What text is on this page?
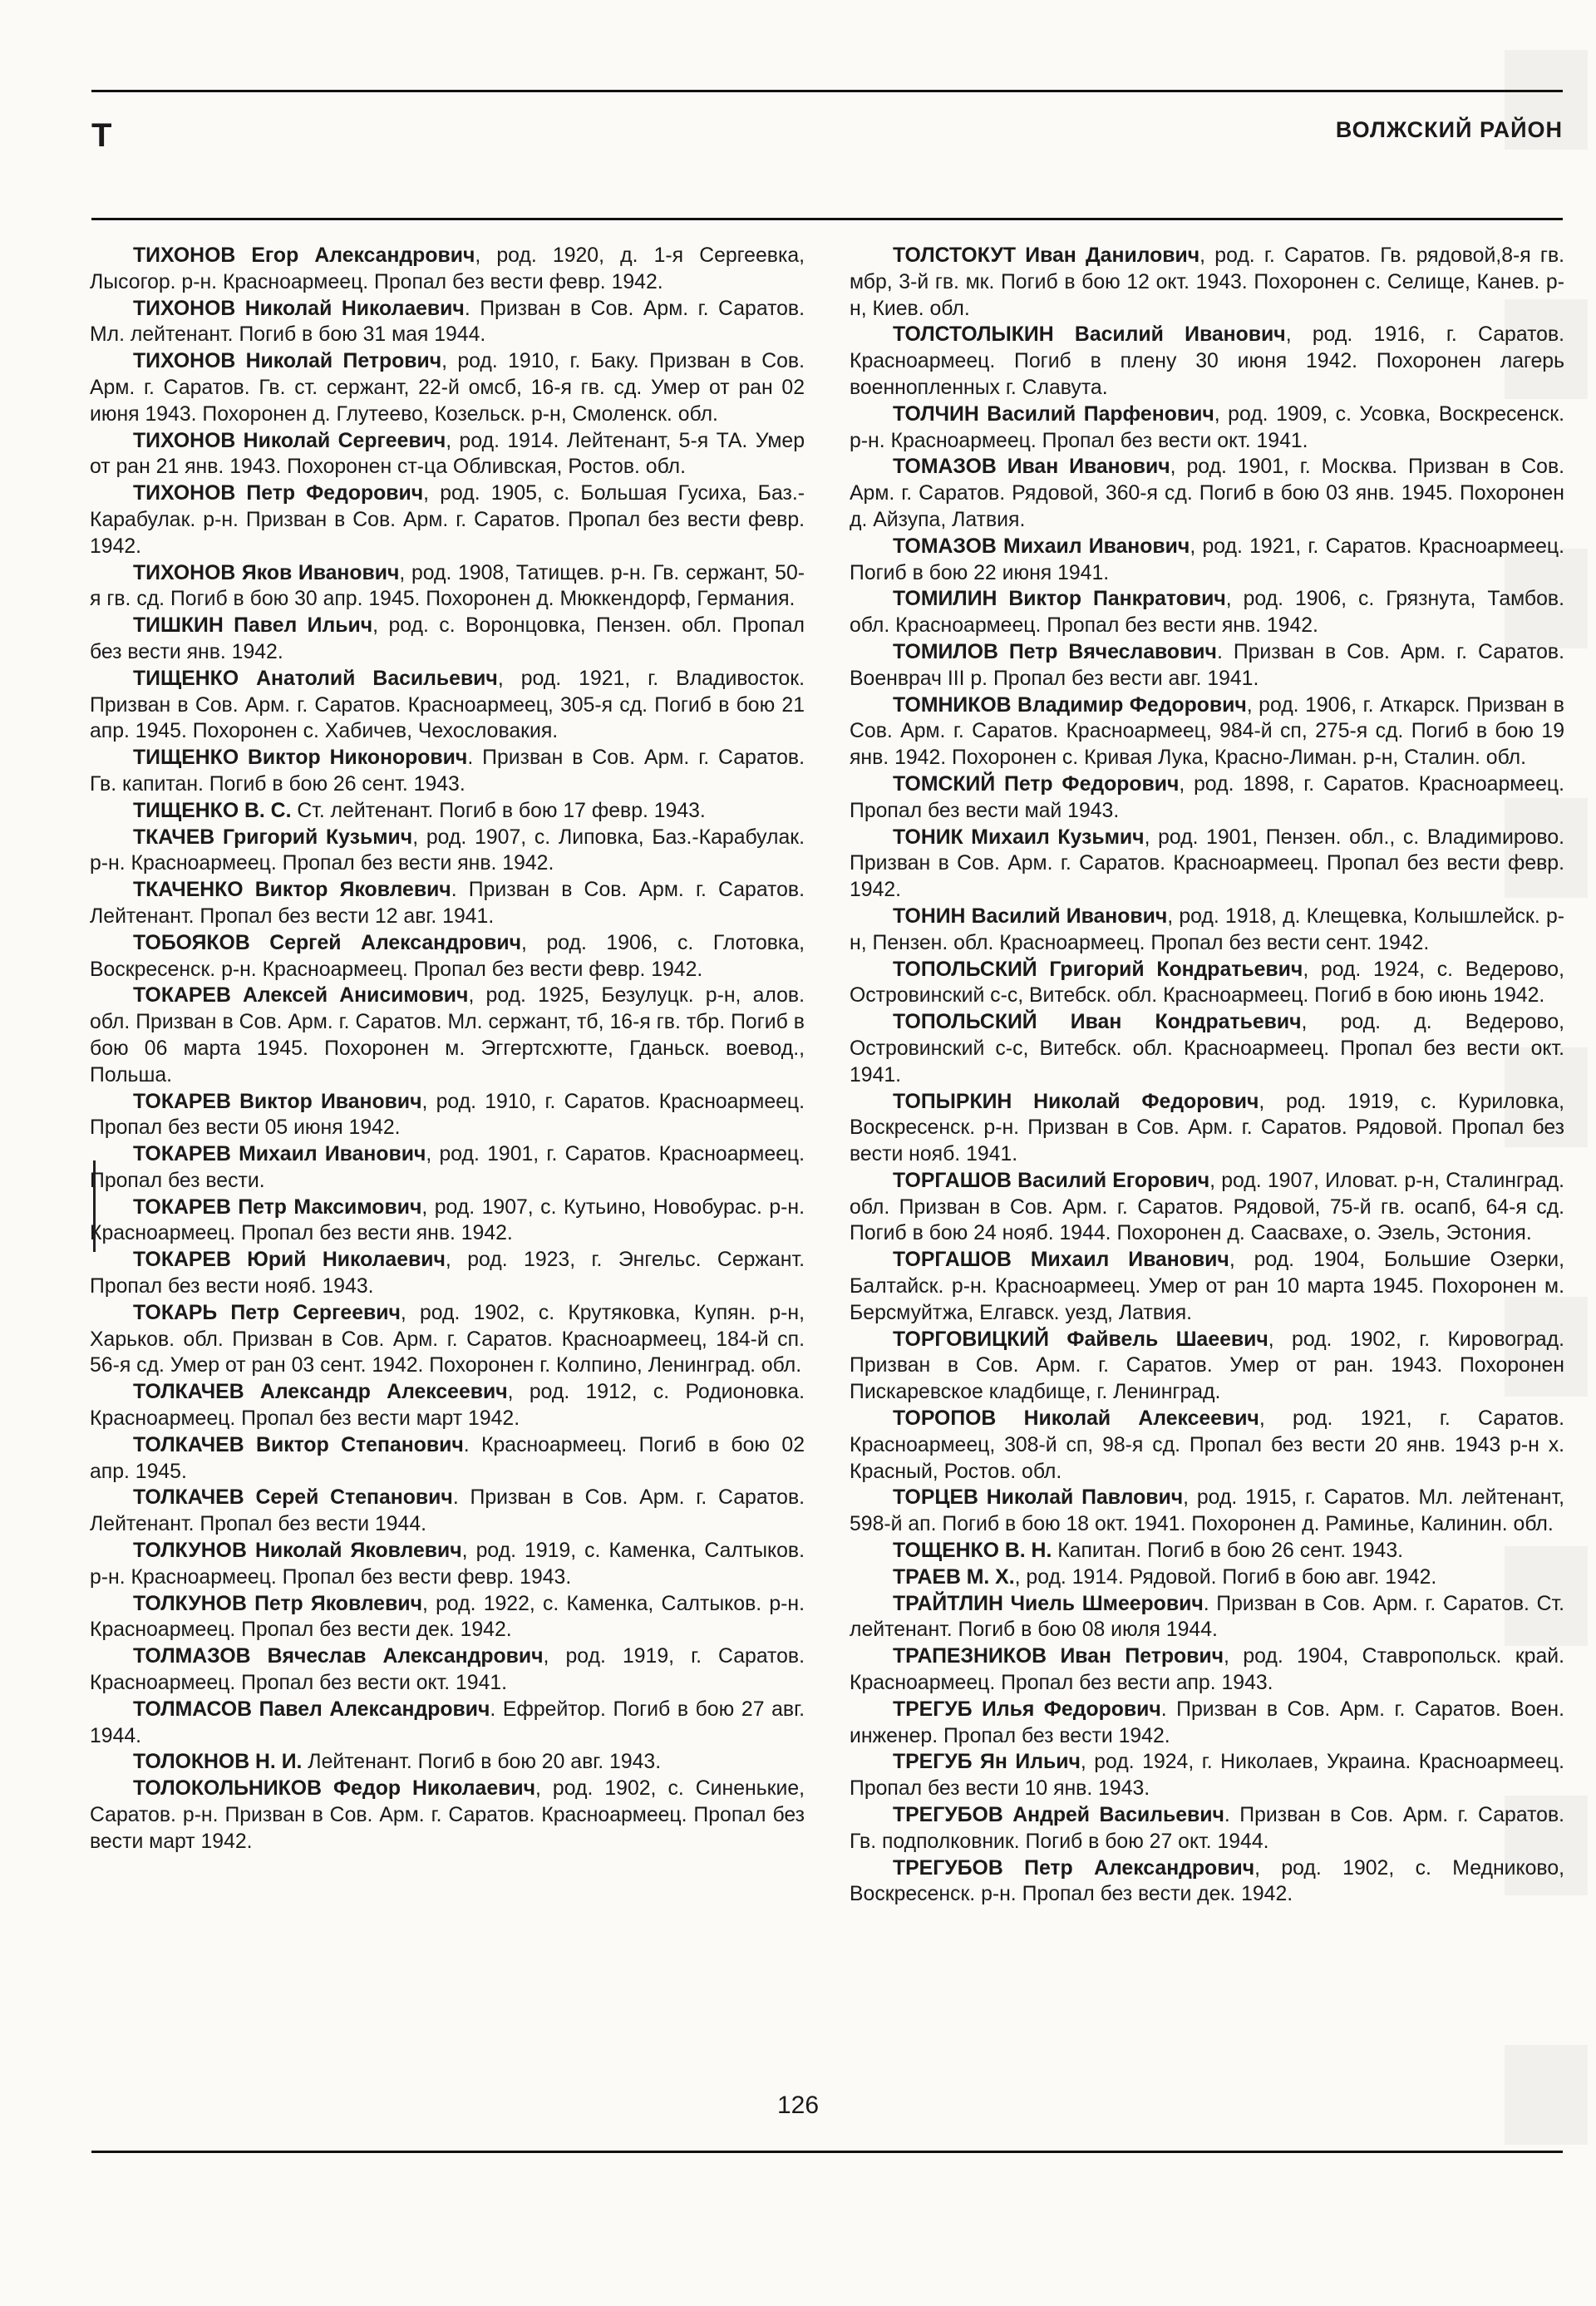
Т	ВОЛЖСКИЙ РАЙОН

ТИХОНОВ Егор Александрович, род. 1920, д. 1-я Сергеевка, Лысогор. р-н. Красноармеец. Пропал без вести февр. 1942.

ТИХОНОВ Николай Николаевич. Призван в Сов. Арм. г. Саратов. Мл. лейтенант. Погиб в бою 31 мая 1944.

ТИХОНОВ Николай Петрович, род. 1910, г. Баку. Призван в Сов. Арм. г. Саратов. Гв. ст. сержант, 22-й омсб, 16-я гв. сд. Умер от ран 02 июня 1943. Похоронен д. Глутеево, Козельск. р-н, Смоленск. обл.

ТИХОНОВ Николай Сергеевич, род. 1914. Лейтенант, 5-я ТА. Умер от ран 21 янв. 1943. Похоронен ст-ца Обливская, Ростов. обл.

ТИХОНОВ Петр Федорович, род. 1905, с. Большая Гусиха, Баз.-Карабулак. р-н. Призван в Сов. Арм. г. Саратов. Пропал без вести февр. 1942.

ТИХОНОВ Яков Иванович, род. 1908, Татищев. р-н. Гв. сержант, 50-я гв. сд. Погиб в бою 30 апр. 1945. Похоронен д. Мюккендорф, Германия.

ТИШКИН Павел Ильич, род. с. Воронцовка, Пензен. обл. Пропал без вести янв. 1942.

ТИЩЕНКО Анатолий Васильевич, род. 1921, г. Владивосток. Призван в Сов. Арм. г. Саратов. Красноармеец, 305-я сд. Погиб в бою 21 апр. 1945. Похоронен с. Хабичев, Чехословакия.

ТИЩЕНКО Виктор Никонорович. Призван в Сов. Арм. г. Саратов. Гв. капитан. Погиб в бою 26 сент. 1943.

ТИЩЕНКО В. С. Ст. лейтенант. Погиб в бою 17 февр. 1943.

ТКАЧЕВ Григорий Кузьмич, род. 1907, с. Липовка, Баз.-Карабулак. р-н. Красноармеец. Пропал без вести янв. 1942.

ТКАЧЕНКО Виктор Яковлевич. Призван в Сов. Арм. г. Саратов. Лейтенант. Пропал без вести 12 авг. 1941.

ТОБОЯКОВ Сергей Александрович, род. 1906, с. Глотовка, Воскресенск. р-н. Красноармеец. Пропал без вести февр. 1942.

ТОКАРЕВ Алексей Анисимович, род. 1925, Безулуцк. р-н, алов. обл. Призван в Сов. Арм. г. Саратов. Мл. сержант, тб, 16-я гв. тбр. Погиб в бою 06 марта 1945. Похоронен м. Эггертсхютте, Гданьск. воевод., Польша.

ТОКАРЕВ Виктор Иванович, род. 1910, г. Саратов. Красноармеец. Пропал без вести 05 июня 1942.

ТОКАРЕВ Михаил Иванович, род. 1901, г. Саратов. Красноармеец. Пропал без вести.

ТОКАРЕВ Петр Максимович, род. 1907, с. Кутьино, Новобурас. р-н. Красноармеец. Пропал без вести янв. 1942.

ТОКАРЕВ Юрий Николаевич, род. 1923, г. Энгельс. Сержант. Пропал без вести нояб. 1943.

ТОКАРЬ Петр Сергеевич, род. 1902, с. Крутяковка, Купян. р-н, Харьков. обл. Призван в Сов. Арм. г. Саратов. Красноармеец, 184-й сп. 56-я сд. Умер от ран 03 сент. 1942. Похоронен г. Колпино, Ленинград. обл.

ТОЛКАЧЕВ Александр Алексеевич, род. 1912, с. Родионовка. Красноармеец. Пропал без вести март 1942.

ТОЛКАЧЕВ Виктор Степанович. Красноармеец. Погиб в бою 02 апр. 1945.

ТОЛКАЧЕВ Серей Степанович. Призван в Сов. Арм. г. Саратов. Лейтенант. Пропал без вести 1944.

ТОЛКУНОВ Николай Яковлевич, род. 1919, с. Каменка, Салтыков. р-н. Красноармеец. Пропал без вести февр. 1943.

ТОЛКУНОВ Петр Яковлевич, род. 1922, с. Каменка, Салтыков. р-н. Красноармеец. Пропал без вести дек. 1942.

ТОЛМАЗОВ Вячеслав Александрович, род. 1919, г. Саратов. Красноармеец. Пропал без вести окт. 1941.

ТОЛМАСОВ Павел Александрович. Ефрейтор. Погиб в бою 27 авг. 1944.

ТОЛОКНОВ Н. И. Лейтенант. Погиб в бою 20 авг. 1943.

ТОЛОКОЛЬНИКОВ Федор Николаевич, род. 1902, с. Синенькие, Саратов. р-н. Призван в Сов. Арм. г. Саратов. Красноармеец. Пропал без вести март 1942.

ТОЛСТОКУТ Иван Данилович, род. г. Саратов. Гв. рядовой,8-я гв. мбр, 3-й гв. мк. Погиб в бою 12 окт. 1943. Похоронен с. Селище, Канев. р-н, Киев. обл.

ТОЛСТОЛЫКИН Василий Иванович, род. 1916, г. Саратов. Красноармеец. Погиб в плену 30 июня 1942. Похоронен лагерь военнопленных г. Славута.

ТОЛЧИН Василий Парфенович, род. 1909, с. Усовка, Воскресенск. р-н. Красноармеец. Пропал без вести окт. 1941.

ТОМАЗОВ Иван Иванович, род. 1901, г. Москва. Призван в Сов. Арм. г. Саратов. Рядовой, 360-я сд. Погиб в бою 03 янв. 1945. Похоронен д. Айзупа, Латвия.

ТОМАЗОВ Михаил Иванович, род. 1921, г. Саратов. Красноармеец. Погиб в бою 22 июня 1941.

ТОМИЛИН Виктор Панкратович, род. 1906, с. Грязнута, Тамбов. обл. Красноармеец. Пропал без вести янв. 1942.

ТОМИЛОВ Петр Вячеславович. Призван в Сов. Арм. г. Саратов. Военврач III р. Пропал без вести авг. 1941.

ТОМНИКОВ Владимир Федорович, род. 1906, г. Аткарск. Призван в Сов. Арм. г. Саратов. Красноармеец, 984-й сп, 275-я сд. Погиб в бою 19 янв. 1942. Похоронен с. Кривая Лука, Красно-Лиман. р-н, Сталин. обл.

ТОМСКИЙ Петр Федорович, род. 1898, г. Саратов. Красноармеец. Пропал без вести май 1943.

ТОНИК Михаил Кузьмич, род. 1901, Пензен. обл., с. Владимирово. Призван в Сов. Арм. г. Саратов. Красноармеец. Пропал без вести февр. 1942.

ТОНИН Василий Иванович, род. 1918, д. Клещевка, Колышлейск. р-н, Пензен. обл. Красноармеец. Пропал без вести сент. 1942.

ТОПОЛЬСКИЙ Григорий Кондратьевич, род. 1924, с. Ведерово, Островинский с-с, Витебск. обл. Красноармеец. Погиб в бою июнь 1942.

ТОПОЛЬСКИЙ Иван Кондратьевич, род. д. Ведерово, Островинский с-с, Витебск. обл. Красноармеец. Пропал без вести окт. 1941.

ТОПЫРКИН Николай Федорович, род. 1919, с. Куриловка, Воскресенск. р-н. Призван в Сов. Арм. г. Саратов. Рядовой. Пропал без вести нояб. 1941.

ТОРГАШОВ Василий Егорович, род. 1907, Иловат. р-н, Сталинград. обл. Призван в Сов. Арм. г. Саратов. Рядовой, 75-й гв. осапб, 64-я сд. Погиб в бою 24 нояб. 1944. Похоронен д. Саасвахе, о. Эзель, Эстония.

ТОРГАШОВ Михаил Иванович, род. 1904, Большие Озерки, Балтайск. р-н. Красноармеец. Умер от ран 10 марта 1945. Похоронен м. Берсмуйтжа, Елгавск. уезд, Латвия.

ТОРГОВИЦКИЙ Файвель Шаеевич, род. 1902, г. Кировоград. Призван в Сов. Арм. г. Саратов. Умер от ран. 1943. Похоронен Пискаревское кладбище, г. Ленинград.

ТОРОПОВ Николай Алексеевич, род. 1921, г. Саратов. Красноармеец, 308-й сп, 98-я сд. Пропал без вести 20 янв. 1943 р-н х. Красный, Ростов. обл.

ТОРЦЕВ Николай Павлович, род. 1915, г. Саратов. Мл. лейтенант, 598-й ап. Погиб в бою 18 окт. 1941. Похоронен д. Раминье, Калинин. обл.

ТОЩЕНКО В. Н. Капитан. Погиб в бою 26 сент. 1943.

ТРАЕВ М. Х., род. 1914. Рядовой. Погиб в бою авг. 1942.

ТРАЙТЛИН Чиель Шмеерович. Призван в Сов. Арм. г. Саратов. Ст. лейтенант. Погиб в бою 08 июля 1944.

ТРАПЕЗНИКОВ Иван Петрович, род. 1904, Ставропольск. край. Красноармеец. Пропал без вести апр. 1943.

ТРЕГУБ Илья Федорович. Призван в Сов. Арм. г. Саратов. Воен. инженер. Пропал без вести 1942.

ТРЕГУБ Ян Ильич, род. 1924, г. Николаев, Украина. Красноармеец. Пропал без вести 10 янв. 1943.

ТРЕГУБОВ Андрей Васильевич. Призван в Сов. Арм. г. Саратов. Гв. подполковник. Погиб в бою 27 окт. 1944.

ТРЕГУБОВ Петр Александрович, род. 1902, с. Медниково, Воскресенск. р-н. Пропал без вести дек. 1942.

126
